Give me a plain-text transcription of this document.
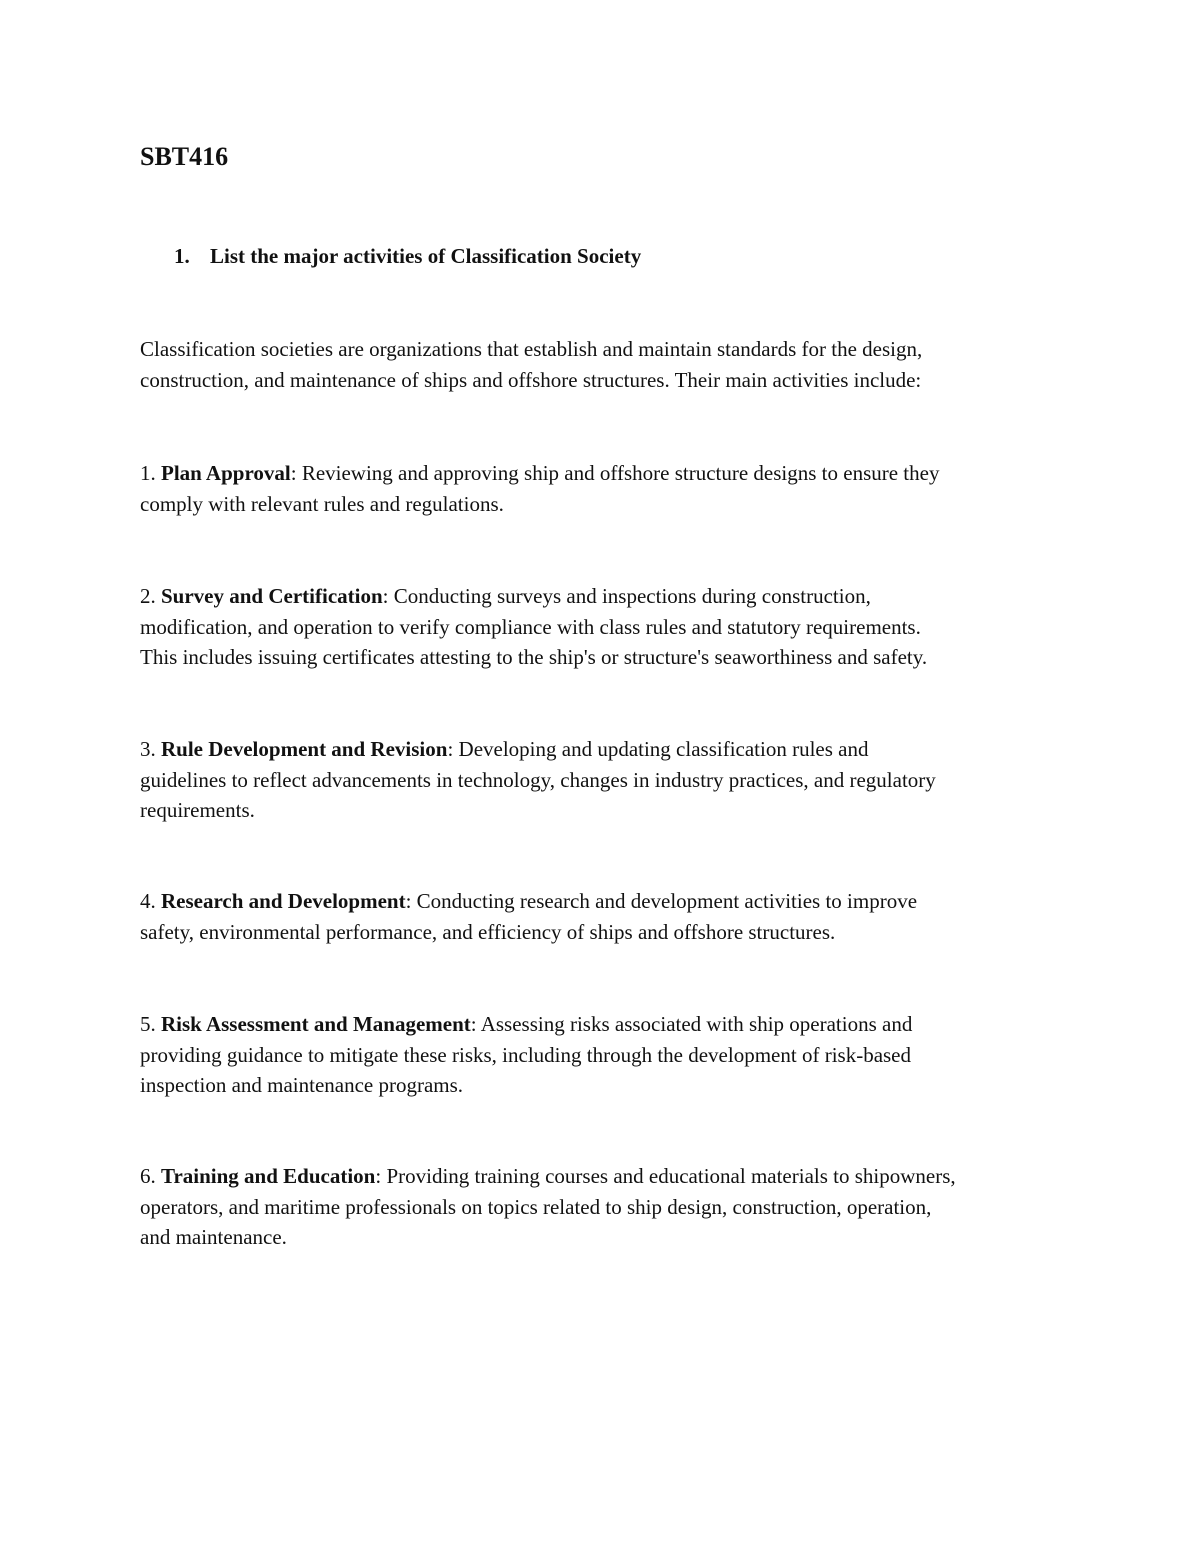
SBT416
1. List the major activities of Classification Society

Classification societies are organizations that establish and maintain standards for the design,
construction, and maintenance of ships and offshore structures. Their main activities include:

1. Plan Approval: Reviewing and approving ship and offshore structure designs to ensure they
comply with relevant rules and regulations.

2. Survey and Certification: Conducting surveys and inspections during construction,
modification, and operation to verify compliance with class rules and statutory requirements.
This includes issuing certificates attesting to the ship's or structure's seaworthiness and safety.

3. Rule Development and Revision: Developing and updating classification rules and
guidelines to reflect advancements in technology, changes in industry practices, and regulatory
requirements.

4. Research and Development: Conducting research and development activities to improve
safety, environmental performance, and efficiency of ships and offshore structures.

5. Risk Assessment and Management: Assessing risks associated with ship operations and
providing guidance to mitigate these risks, including through the development of risk-based
inspection and maintenance programs.

6. Training and Education: Providing training courses and educational materials to shipowners,
operators, and maritime professionals on topics related to ship design, construction, operation,
and maintenance.
